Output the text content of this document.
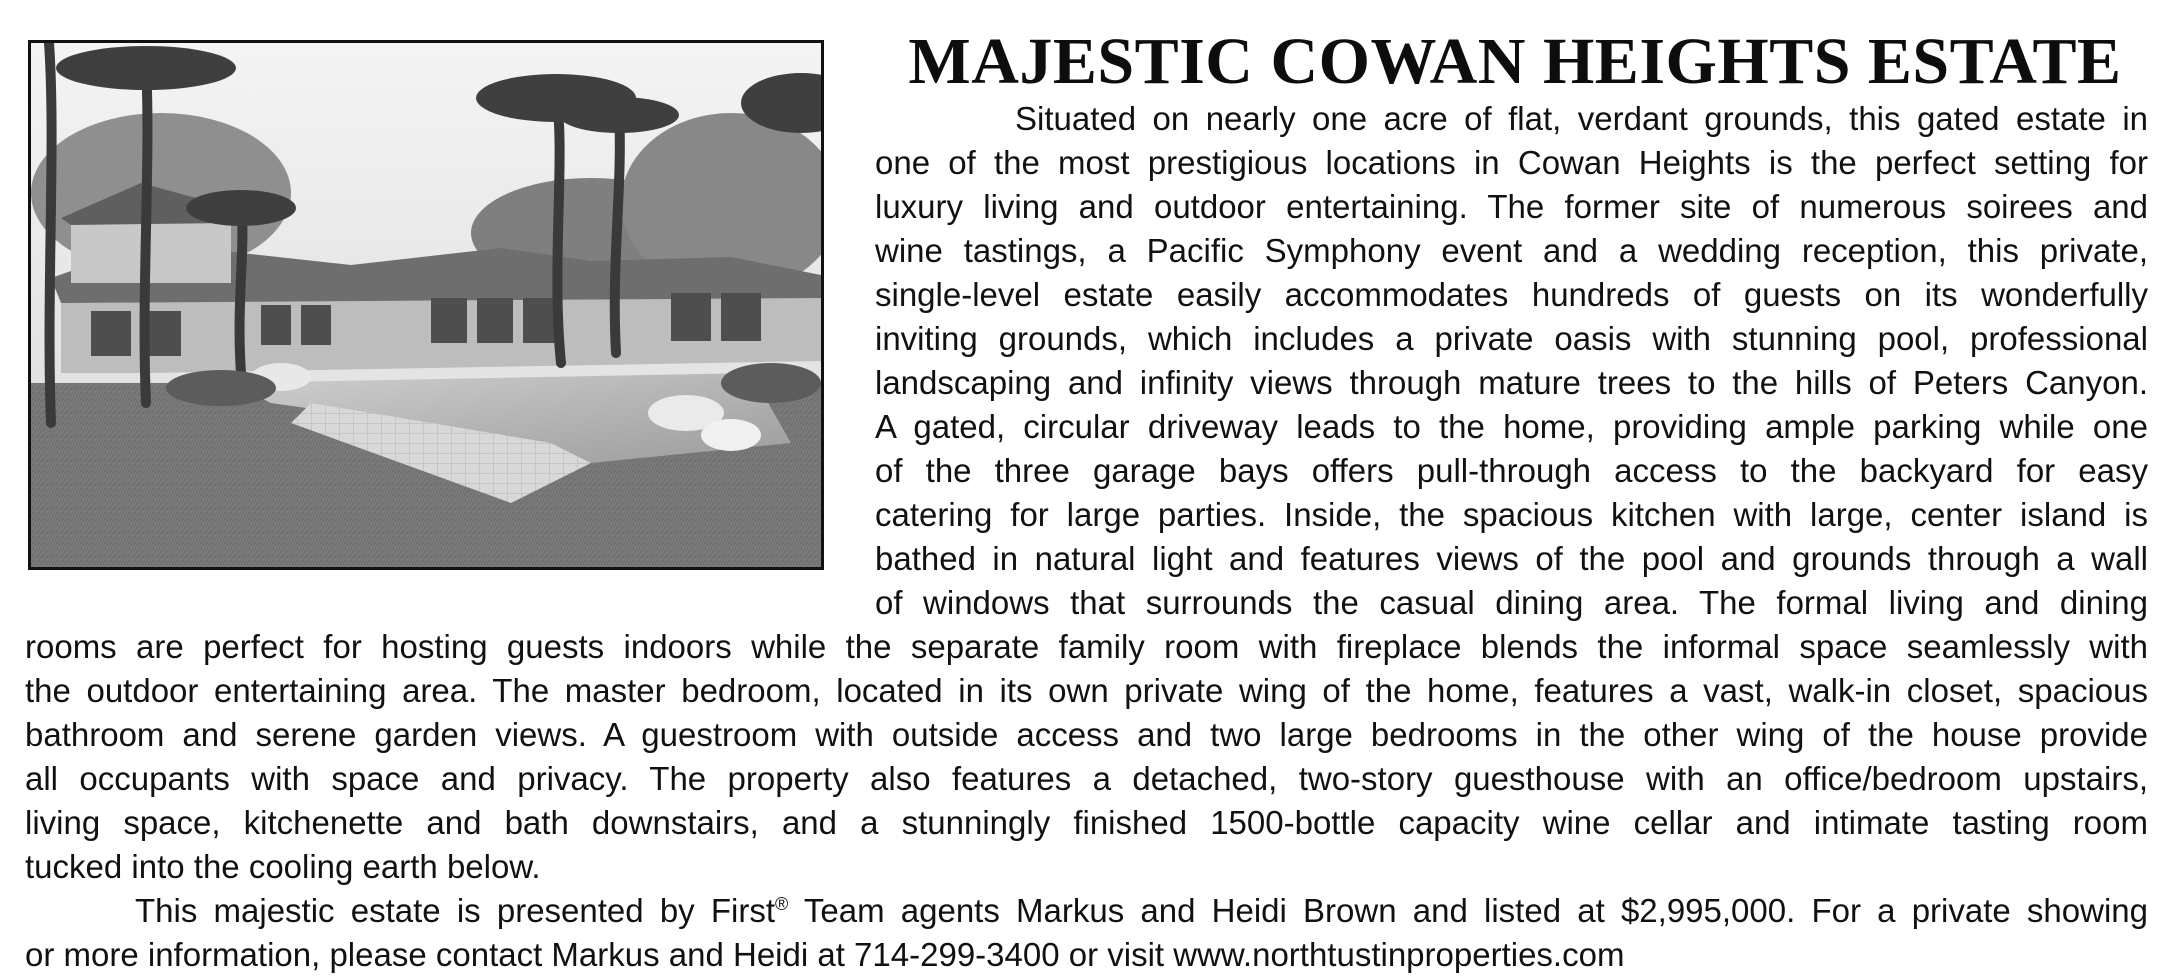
MAJESTIC COWAN HEIGHTS ESTATE

Situated on nearly one acre of flat, verdant grounds, this gated estate in

one of the most prestigious locations in Cowan Heights is the perfect setting for

luxury living and outdoor entertaining. The former site of numerous soirees and

wine tastings, a Pacific Symphony event and a wedding reception, this private,

single-level estate easily accommodates hundreds of guests on its wonderfully

inviting grounds, which includes a private oasis with stunning pool, professional

landscaping and infinity views through mature trees to the hills of Peters Canyon.

A gated, circular driveway leads to the home, providing ample parking while one

of the three garage bays offers pull-through access to the backyard for easy

catering for large parties. Inside, the spacious kitchen with large, center island is

bathed in natural light and features views of the pool and grounds through a wall

of windows that surrounds the casual dining area. The formal living and dining

rooms are perfect for hosting guests indoors while the separate family room with fireplace blends the informal space seamlessly with

the outdoor entertaining area. The master bedroom, located in its own private wing of the home, features a vast, walk-in closet, spacious

bathroom and serene garden views. A guestroom with outside access and two large bedrooms in the other wing of the house provide

all occupants with space and privacy. The property also features a detached, two-story guesthouse with an office/bedroom upstairs,

living space, kitchenette and bath downstairs, and a stunningly finished 1500-bottle capacity wine cellar and intimate tasting room

tucked into the cooling earth below.

This majestic estate is presented by First® Team agents Markus and Heidi Brown and listed at $2,995,000. For a private showing

or more information, please contact Markus and Heidi at 714-299-3400 or visit www.northtustinproperties.com
